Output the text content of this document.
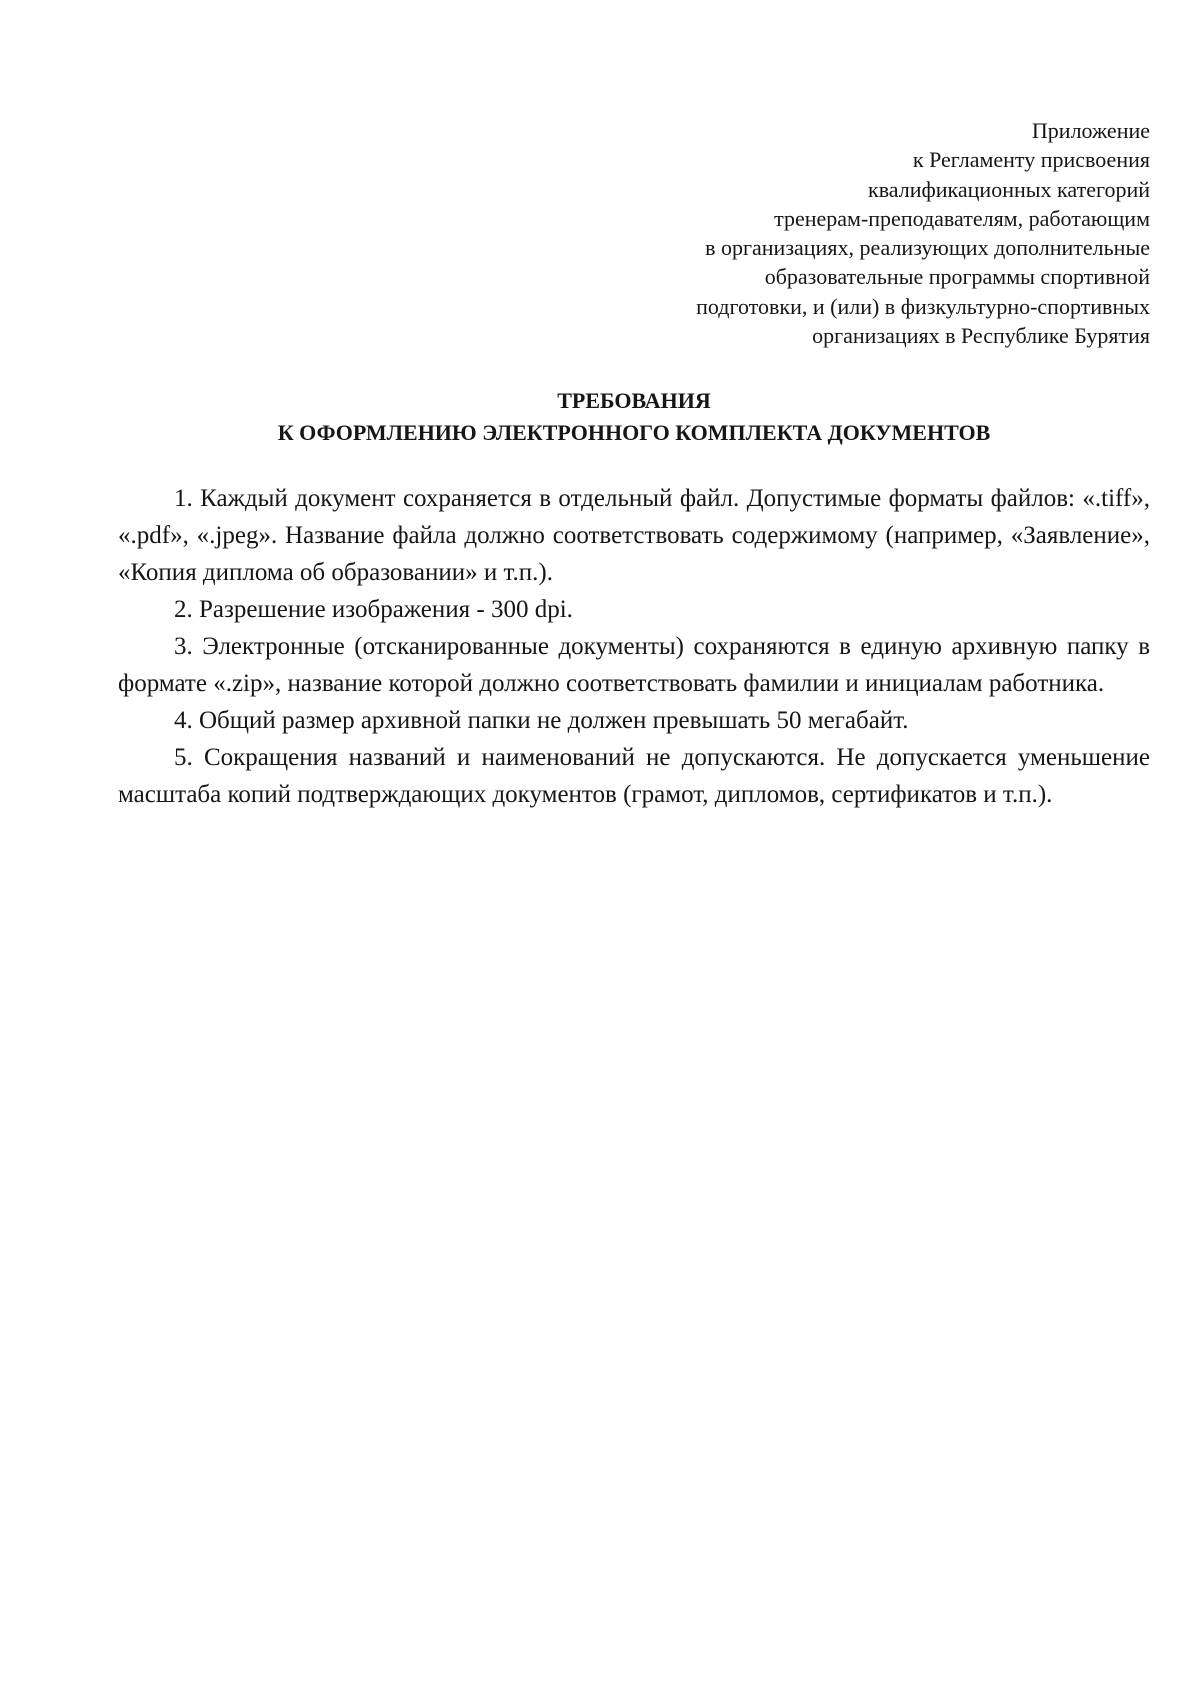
Приложение
к Регламенту присвоения
квалификационных категорий
тренерам-преподавателям, работающим
в организациях, реализующих дополнительные
образовательные программы спортивной
подготовки, и (или) в физкультурно-спортивных
организациях в Республике Бурятия
ТРЕБОВАНИЯ
К ОФОРМЛЕНИЮ ЭЛЕКТРОННОГО КОМПЛЕКТА ДОКУМЕНТОВ

1. Каждый документ сохраняется в отдельный файл. Допустимые форматы файлов: «.tiff», «.pdf», «.jpeg». Название файла должно соответствовать содержимому (например, «Заявление», «Копия диплома об образовании» и т.п.).

2. Разрешение изображения - 300 dpi.

3. Электронные (отсканированные документы) сохраняются в единую архивную папку в формате «.zip», название которой должно соответствовать фамилии и инициалам работника.

4. Общий размер архивной папки не должен превышать 50 мегабайт.

5. Сокращения названий и наименований не допускаются. Не допускается уменьшение масштаба копий подтверждающих документов (грамот, дипломов, сертификатов и т.п.).
